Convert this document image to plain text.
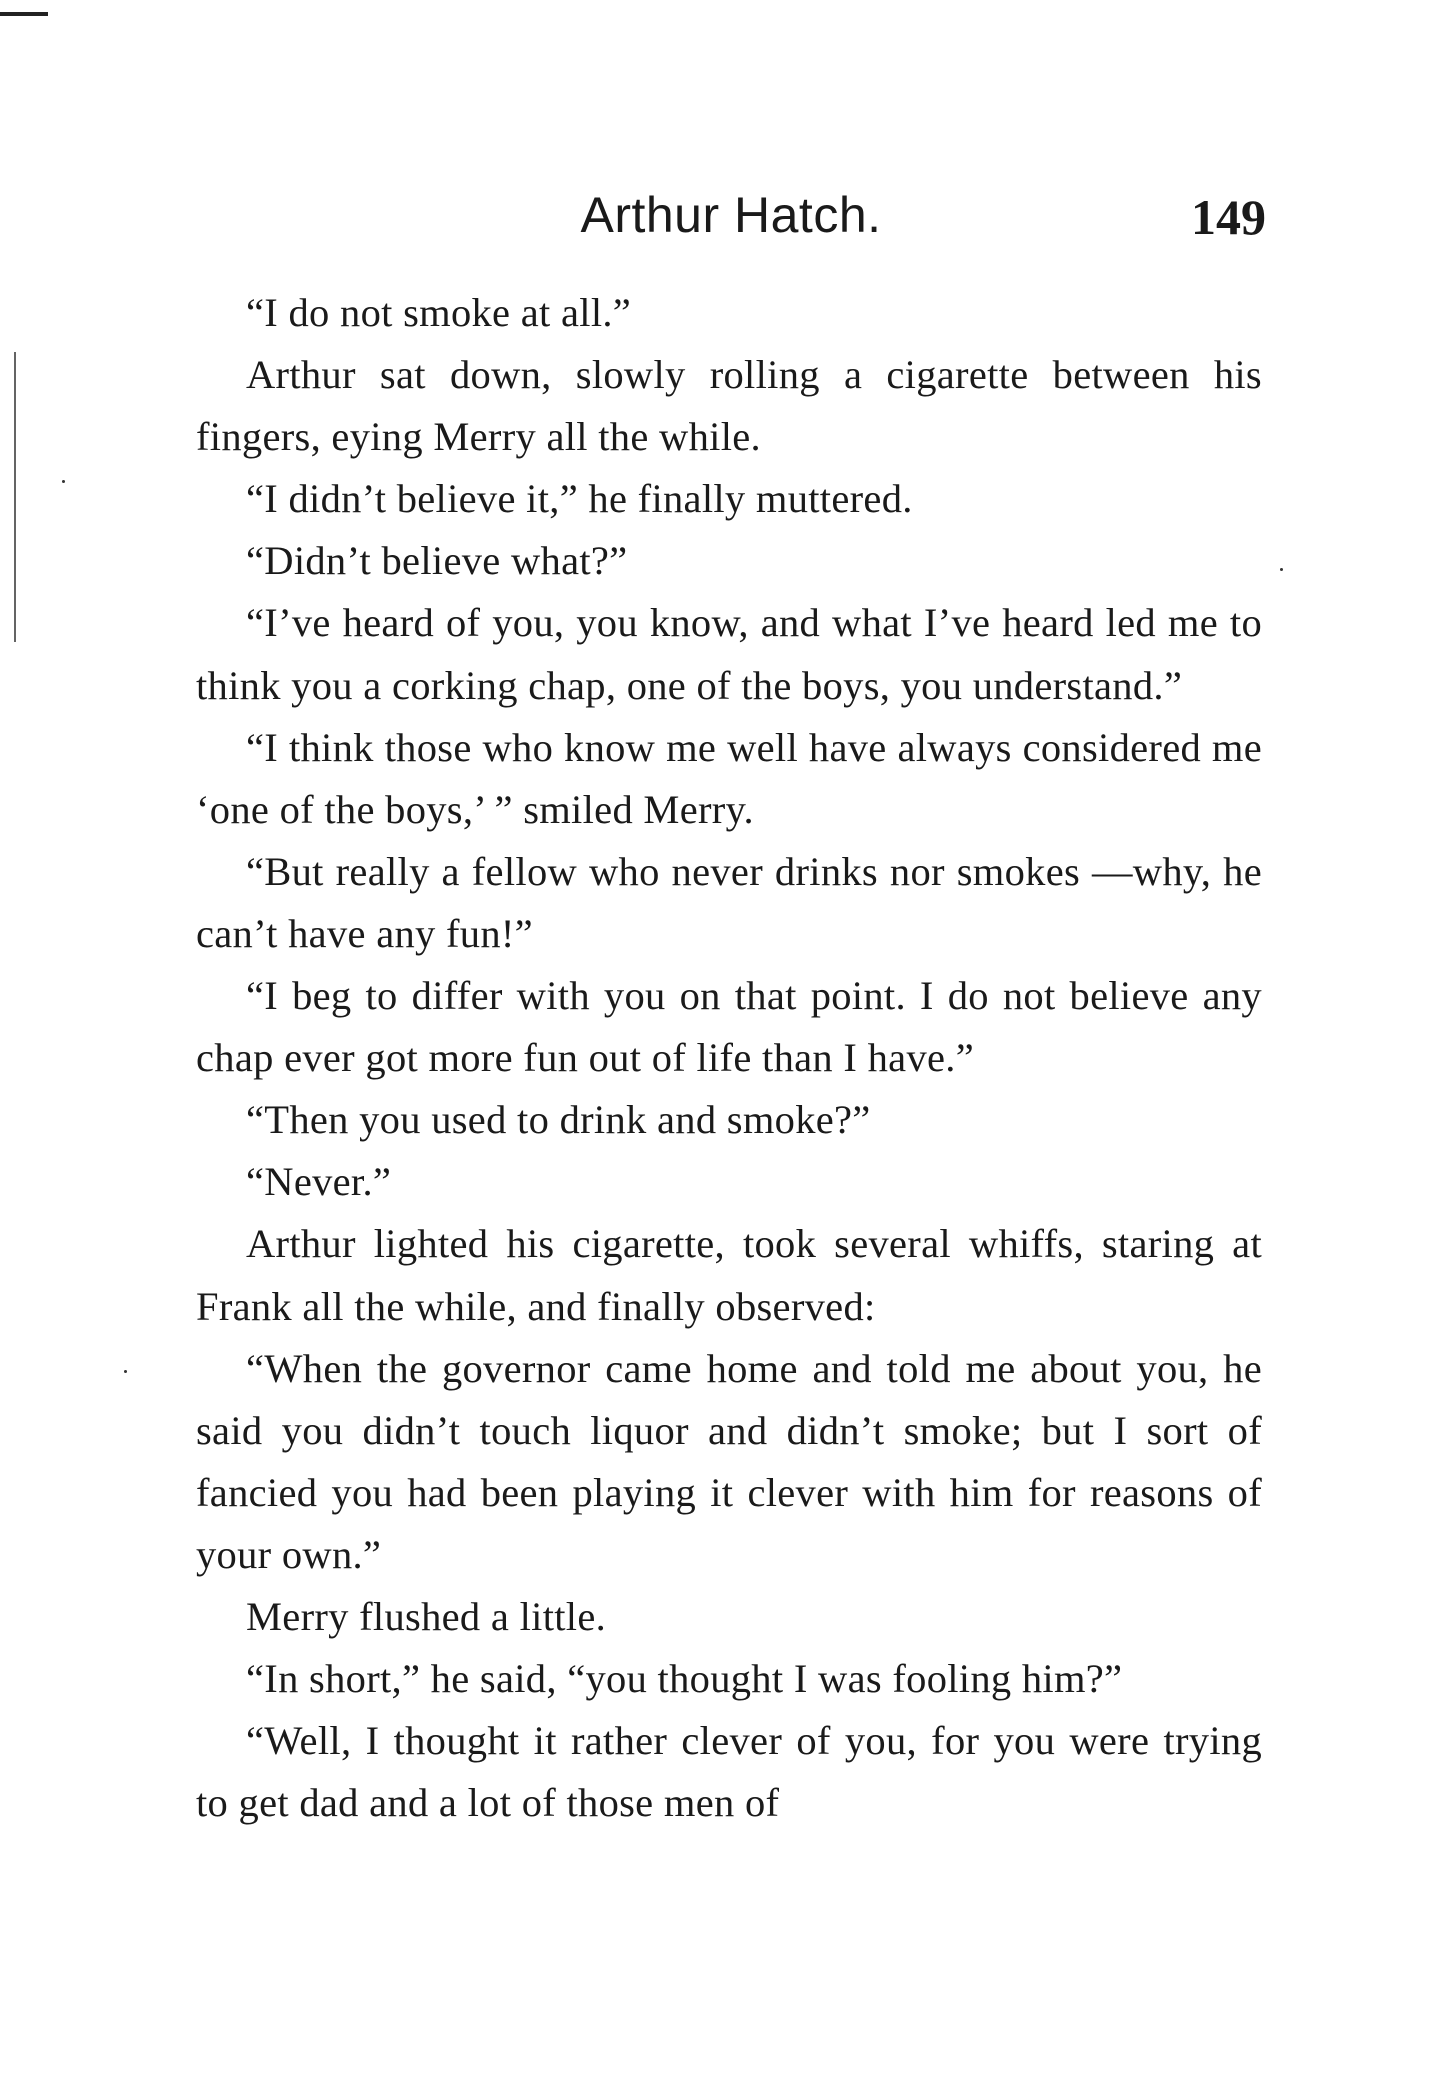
Arthur Hatch.	149

“I do not smoke at all.”

Arthur sat down, slowly rolling a cigarette between his fingers, eying Merry all the while.

“I didn’t believe it,” he finally muttered.

“Didn’t believe what?”

“I’ve heard of you, you know, and what I’ve heard led me to think you a corking chap, one of the boys, you understand.”

“I think those who know me well have always considered me ‘one of the boys,’ ” smiled Merry.

“But really a fellow who never drinks nor smokes —why, he can’t have any fun!”

“I beg to differ with you on that point. I do not believe any chap ever got more fun out of life than I have.”

“Then you used to drink and smoke?”

“Never.”

Arthur lighted his cigarette, took several whiffs, staring at Frank all the while, and finally observed:

“When the governor came home and told me about you, he said you didn’t touch liquor and didn’t smoke; but I sort of fancied you had been playing it clever with him for reasons of your own.”

Merry flushed a little.

“In short,” he said, “you thought I was fooling him?”

“Well, I thought it rather clever of you, for you were trying to get dad and a lot of those men of
